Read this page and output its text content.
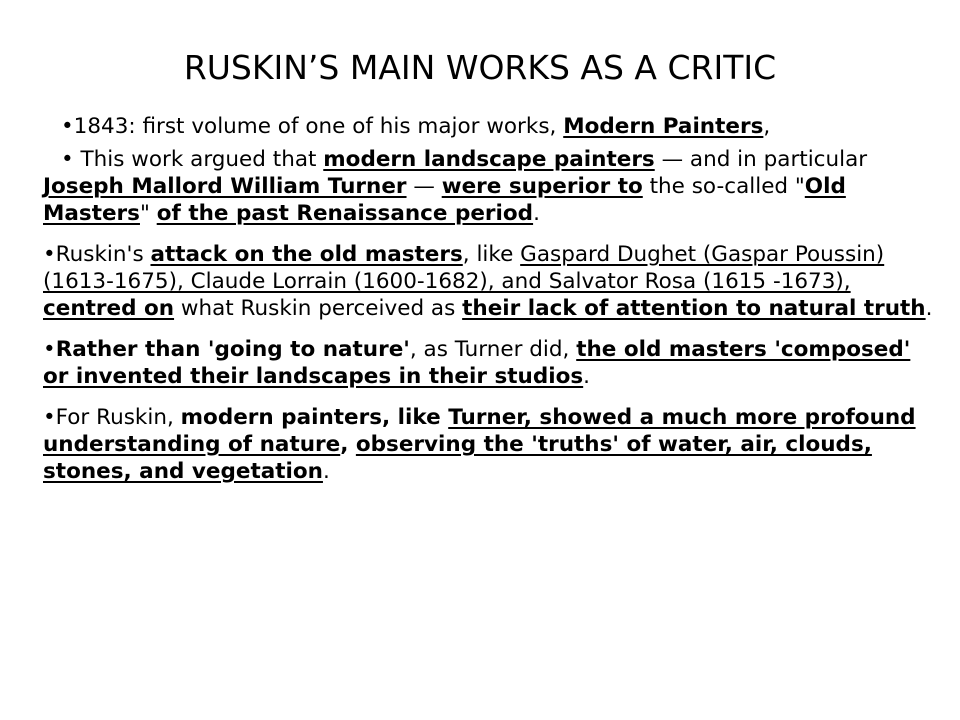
RUSKIN’S MAIN WORKS AS A CRITIC

•1843: first volume of one of his major works, Modern Painters,

• This work argued that modern landscape painters — and in particular Joseph Mallord William Turner — were superior to the so-called "Old Masters" of the past Renaissance period.

•Ruskin's attack on the old masters, like Gaspard Dughet (Gaspar Poussin)(1613-1675), Claude Lorrain (1600-1682), and Salvator Rosa (1615 -1673), centred on what Ruskin perceived as their lack of attention to natural truth.

•Rather than 'going to nature', as Turner did, the old masters 'composed' or invented their landscapes in their studios.

•For Ruskin, modern painters, like Turner, showed a much more profound understanding of nature, observing the 'truths' of water, air, clouds, stones, and vegetation.
